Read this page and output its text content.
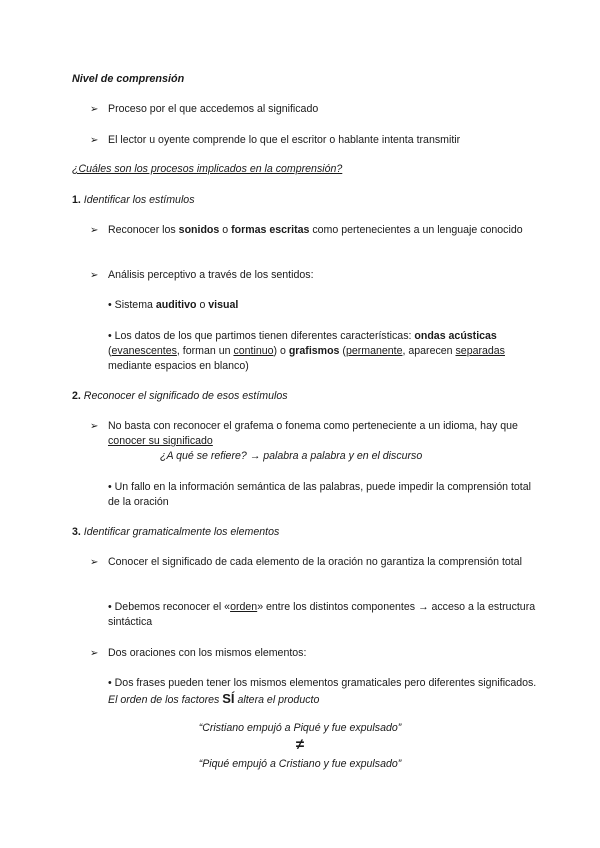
Nivel de comprensión
➢ Proceso por el que accedemos al significado
➢ El lector u oyente comprende lo que el escritor o hablante intenta transmitir
¿Cuáles son los procesos implicados en la comprensión?
1. Identificar los estímulos
➢ Reconocer los sonidos o formas escritas como pertenecientes a un lenguaje conocido
➢ Análisis perceptivo a través de los sentidos:
• Sistema auditivo o visual
• Los datos de los que partimos tienen diferentes características: ondas acústicas (evanescentes, forman un continuo) o grafismos (permanente, aparecen separadas mediante espacios en blanco)
2. Reconocer el significado de esos estímulos
➢ No basta con reconocer el grafema o fonema como perteneciente a un idioma, hay que conocer su significado
¿A qué se refiere? → palabra a palabra y en el discurso
• Un fallo en la información semántica de las palabras, puede impedir la comprensión total de la oración
3. Identificar gramaticalmente los elementos
➢ Conocer el significado de cada elemento de la oración no garantiza la comprensión total
• Debemos reconocer el «orden» entre los distintos componentes → acceso a la estructura sintáctica
➢ Dos oraciones con los mismos elementos:
• Dos frases pueden tener los mismos elementos gramaticales pero diferentes significados. El orden de los factores SÍ altera el producto
“Cristiano empujó a Piqué y fue expulsado”
≠
“Piqué empujó a Cristiano y fue expulsado”
